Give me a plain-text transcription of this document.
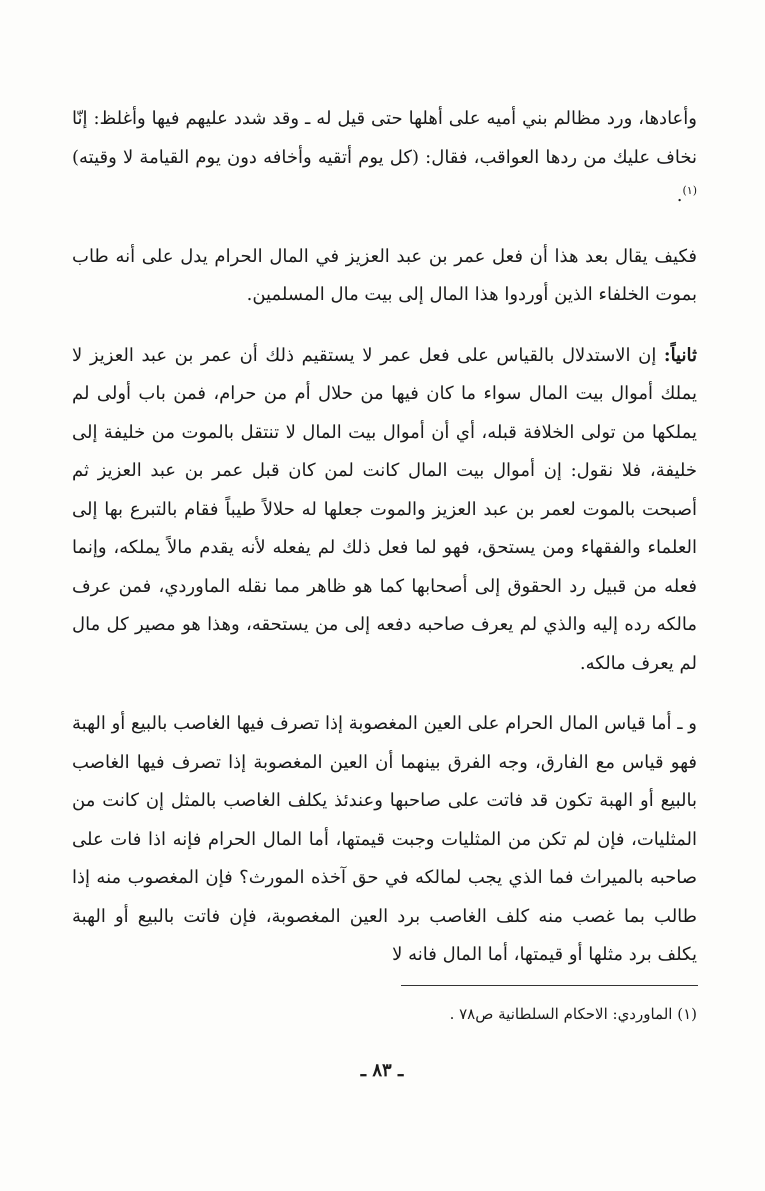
وأعادها، ورد مظالم بني أميه على أهلها حتى قيل له ـ وقد شدد عليهم فيها وأغلظ: إنّا نخاف عليك من ردها العواقب، فقال: (كل يوم أتقيه وأخافه دون يوم القيامة لا وقيته)$^{(١)}$.

فكيف يقال بعد هذا أن فعل عمر بن عبد العزيز في المال الحرام يدل على أنه طاب بموت الخلفاء الذين أوردوا هذا المال إلى بيت مال المسلمين.

ثانياً: إن الاستدلال بالقياس على فعل عمر لا يستقيم ذلك أن عمر بن عبد العزيز لا يملك أموال بيت المال سواء ما كان فيها من حلال أم من حرام، فمن باب أولى لم يملكها من تولى الخلافة قبله، أي أن أموال بيت المال لا تنتقل بالموت من خليفة إلى خليفة، فلا نقول: إن أموال بيت المال كانت لمن كان قبل عمر بن عبد العزيز ثم أصبحت بالموت لعمر بن عبد العزيز والموت جعلها له حلالاً طيباً فقام بالتبرع بها إلى العلماء والفقهاء ومن يستحق، فهو لما فعل ذلك لم يفعله لأنه يقدم مالاً يملكه، وإنما فعله من قبيل رد الحقوق إلى أصحابها كما هو ظاهر مما نقله الماوردي، فمن عرف مالكه رده إليه والذي لم يعرف صاحبه دفعه إلى من يستحقه، وهذا هو مصير كل مال لم يعرف مالكه.

و ـ أما قياس المال الحرام على العين المغصوبة إذا تصرف فيها الغاصب بالبيع أو الهبة فهو قياس مع الفارق، وجه الفرق بينهما أن العين المغصوبة إذا تصرف فيها الغاصب بالبيع أو الهبة تكون قد فاتت على صاحبها وعندئذ يكلف الغاصب بالمثل إن كانت من المثليات، فإن لم تكن من المثليات وجبت قيمتها، أما المال الحرام فإنه اذا فات على صاحبه بالميراث فما الذي يجب لمالكه في حق آخذه المورث؟ فإن المغصوب منه إذا طالب بما غصب منه كلف الغاصب برد العين المغصوبة، فإن فاتت بالبيع أو الهبة يكلف برد مثلها أو قيمتها، أما المال فانه لا

(١) الماوردي: الاحكام السلطانية ص٧٨ .
ـ ٨٣ ـ
